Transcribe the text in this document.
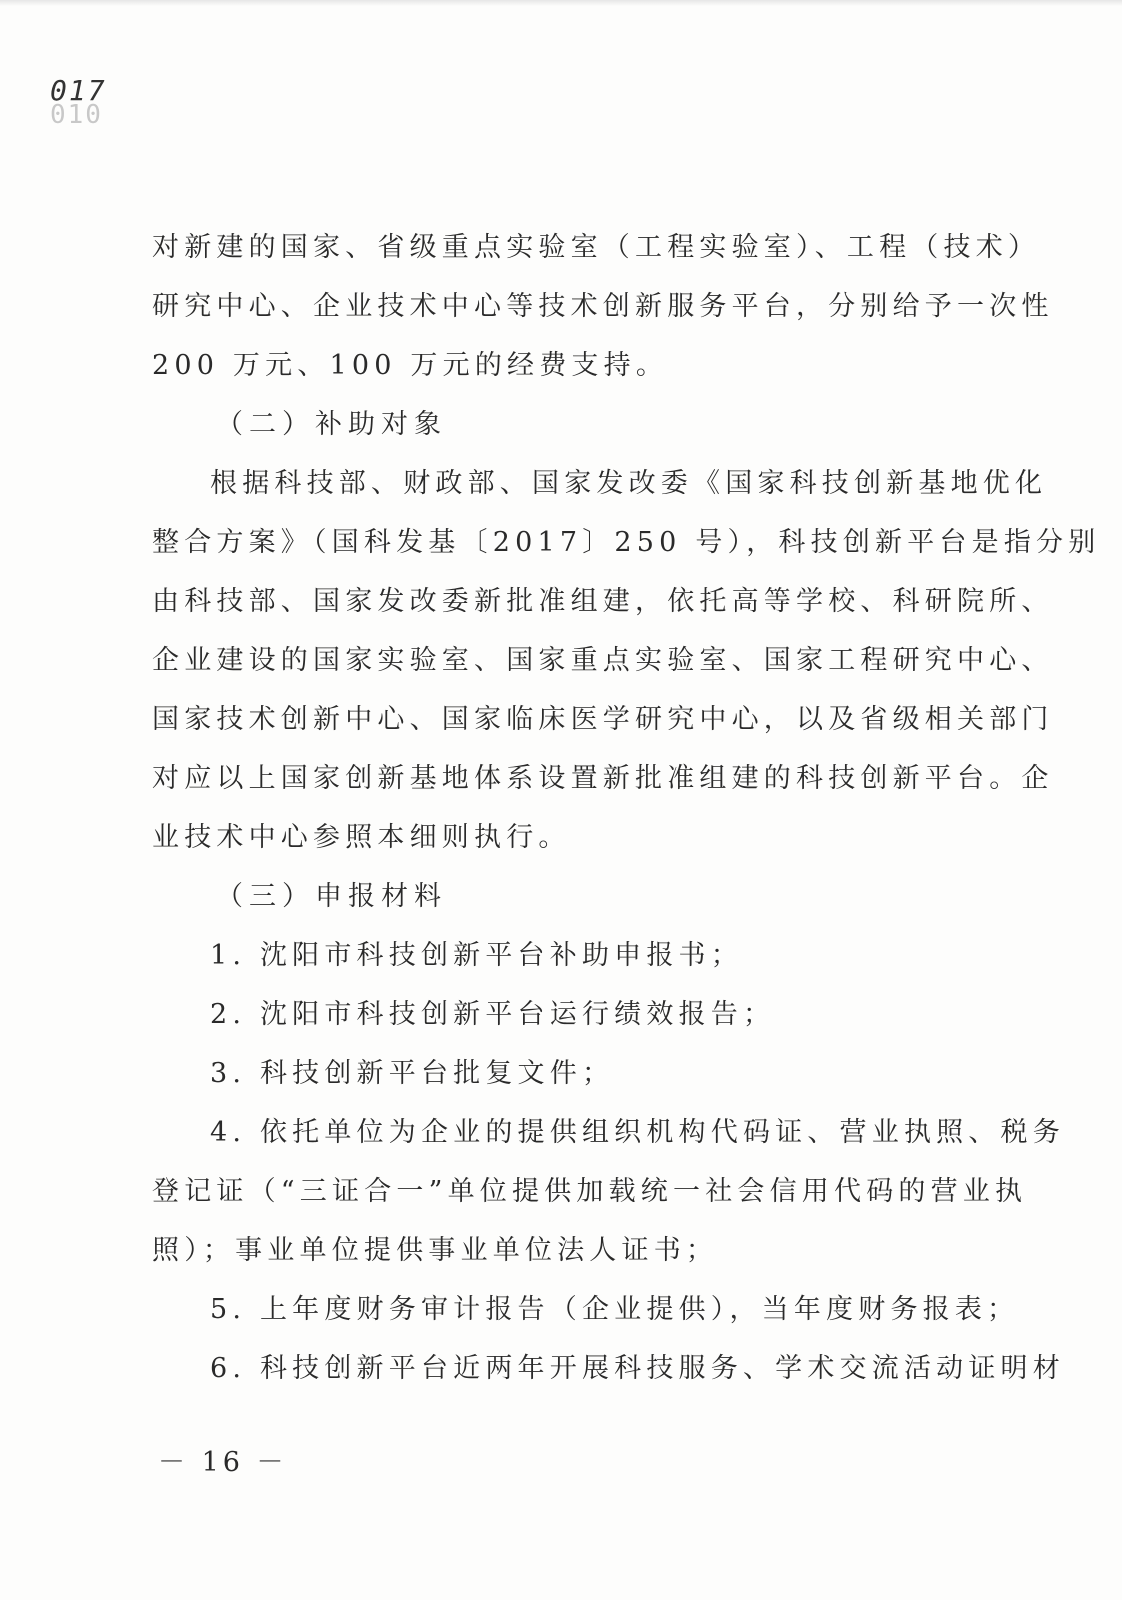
017
010
对新建的国家、省级重点实验室（工程实验室）、工程（技术）
研究中心、企业技术中心等技术创新服务平台，分别给予一次性
200 万元、100 万元的经费支持。
（二）补助对象
根据科技部、财政部、国家发改委《国家科技创新基地优化
整合方案》（国科发基〔2017〕250 号），科技创新平台是指分别
由科技部、国家发改委新批准组建，依托高等学校、科研院所、
企业建设的国家实验室、国家重点实验室、国家工程研究中心、
国家技术创新中心、国家临床医学研究中心，以及省级相关部门
对应以上国家创新基地体系设置新批准组建的科技创新平台。企
业技术中心参照本细则执行。
（三）申报材料
1. 沈阳市科技创新平台补助申报书；
2. 沈阳市科技创新平台运行绩效报告；
3. 科技创新平台批复文件；
4. 依托单位为企业的提供组织机构代码证、营业执照、税务
登记证（“三证合一”单位提供加载统一社会信用代码的营业执
照）；事业单位提供事业单位法人证书；
5. 上年度财务审计报告（企业提供），当年度财务报表；
6. 科技创新平台近两年开展科技服务、学术交流活动证明材
－ 16 －
